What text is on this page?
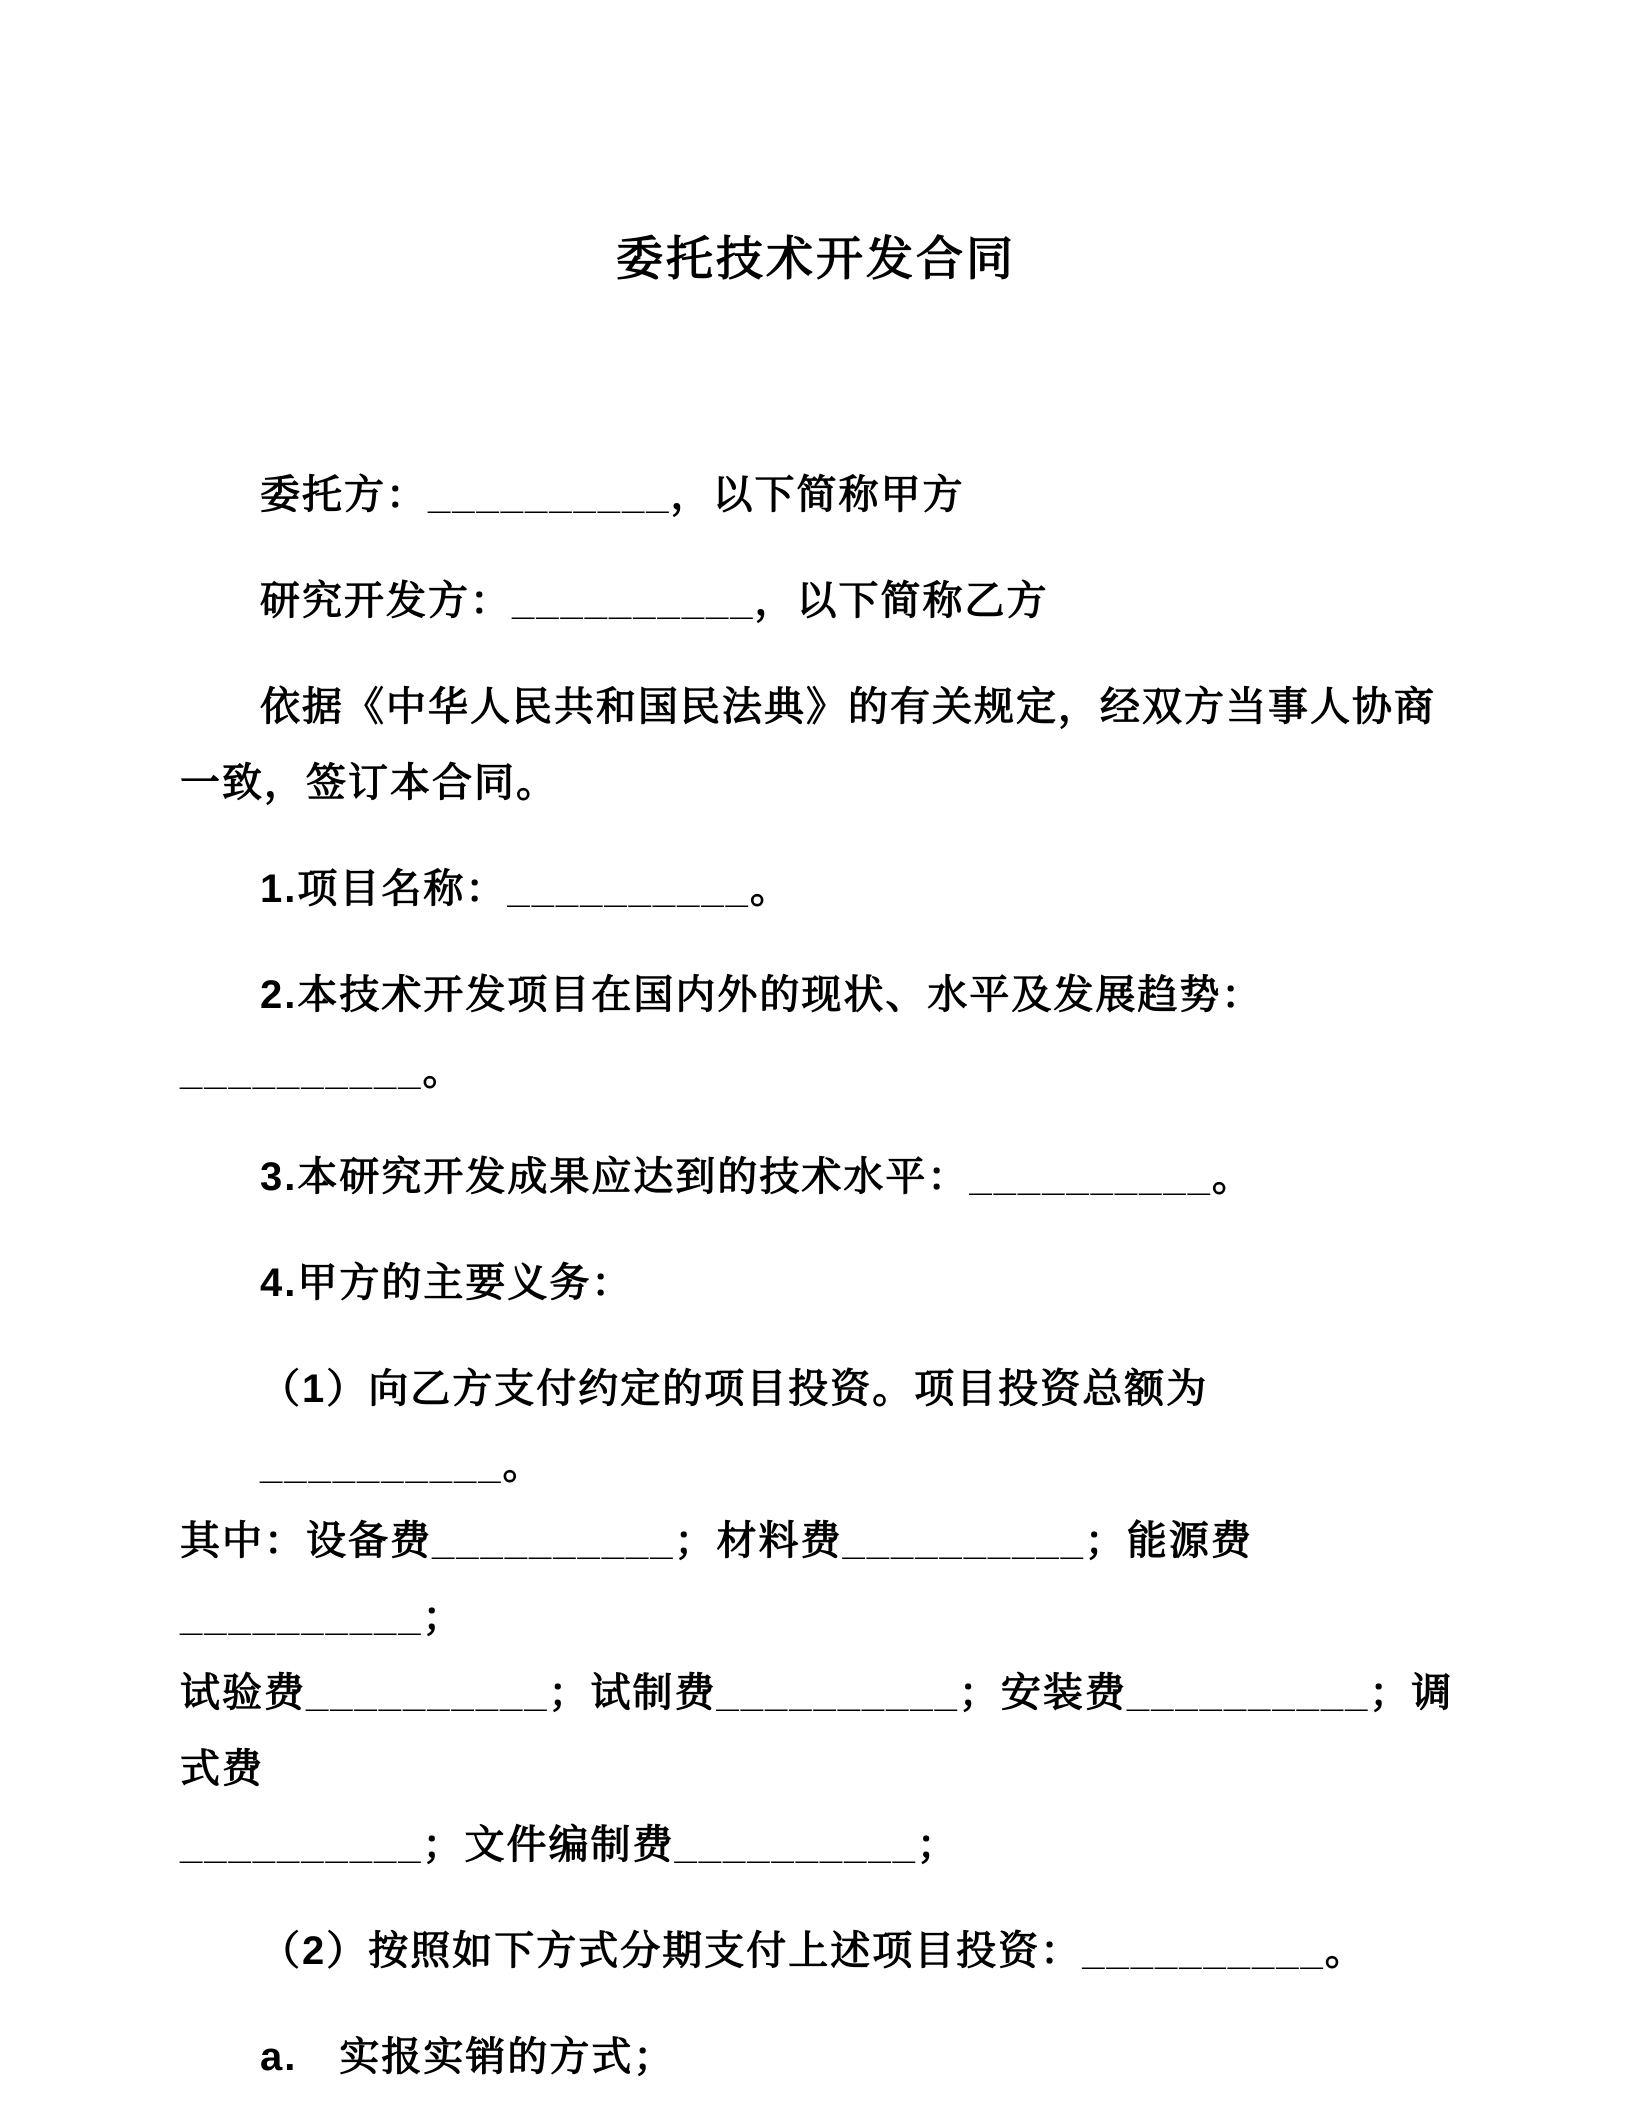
委托技术开发合同

委托方：__________，以下简称甲方

研究开发方：__________，以下简称乙方

依据《中华人民共和国民法典》的有关规定，经双方当事人协商

一致，签订本合同。

1.项目名称：__________。

2.本技术开发项目在国内外的现状、水平及发展趋势：

__________。

3.本研究开发成果应达到的技术水平：__________。

4.甲方的主要义务：

（1）向乙方支付约定的项目投资。项目投资总额为__________。

其中：设备费__________；材料费__________；能源费__________；

试验费__________；试制费__________；安装费__________；调式费

__________；文件编制费__________；

（2）按照如下方式分期支付上述项目投资：__________。

a.　实报实销的方式；
